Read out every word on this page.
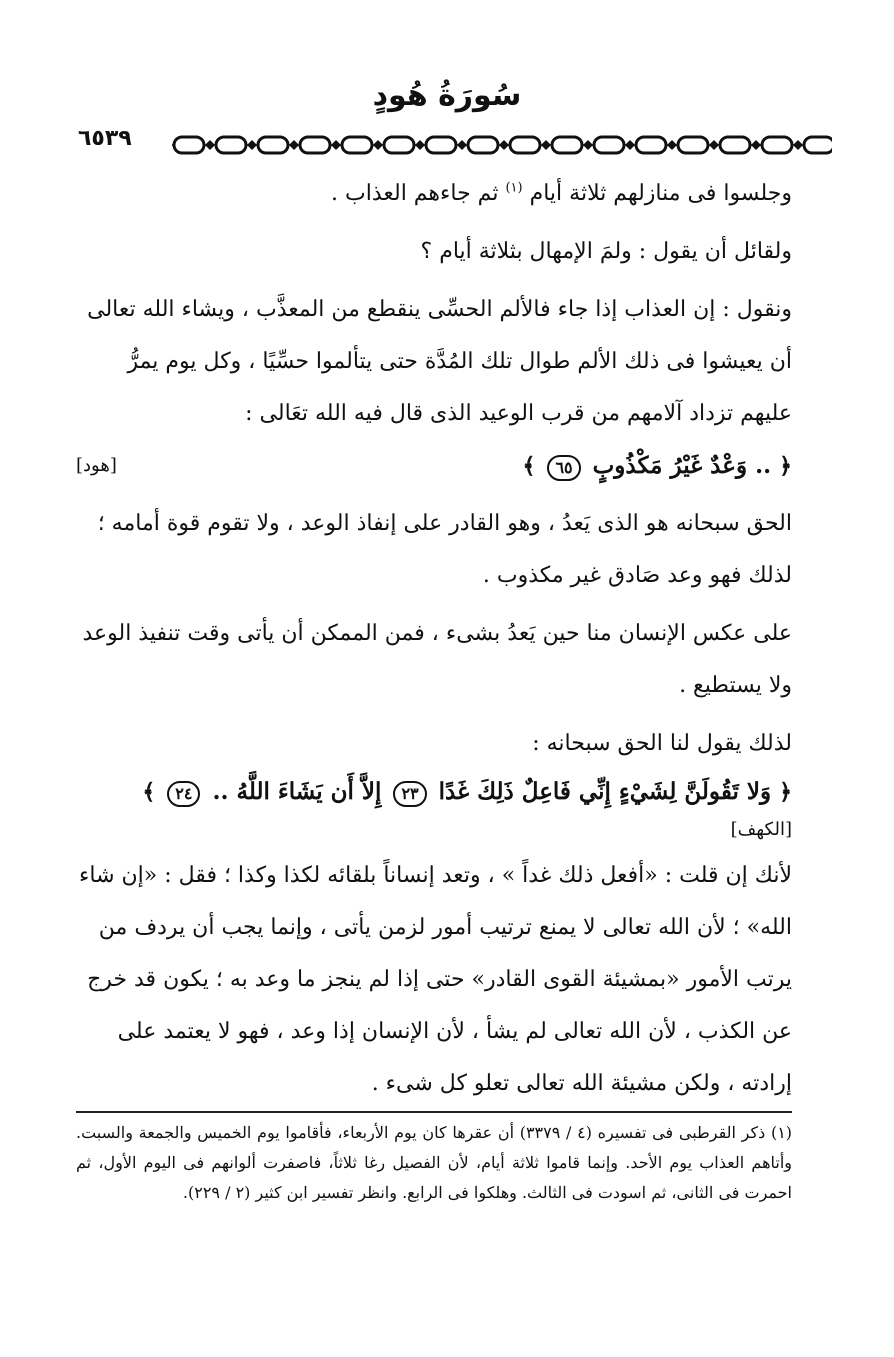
سُورَةُ هُودٍ
٦٥٣٩

وجلسوا فى منازلهم ثلاثة أيام $^{(١)}$ ثم جاءهم العذاب .

ولقائل أن يقول : ولمَ الإمهال بثلاثة أيام ؟

ونقول : إن العذاب إذا جاء فالألم الحسِّى ينقطع من المعذَّب ، ويشاء الله تعالى أن يعيشوا فى ذلك الألم طوال تلك المُدَّة حتى يتألموا حسِّيًا ، وكل يوم يمرُّ عليهم تزداد آلامهم من قرب الوعيد الذى قال فيه الله تعَالى :

﴿ .. وَعْدٌ غَيْرُ مَكْذُوبٍ ٦٥ ﴾
[هود]

الحق سبحانه هو الذى يَعدُ ، وهو القادر على إنفاذ الوعد ، ولا تقوم قوة أمامه ؛ لذلك فهو وعد صَادق غير مكذوب .

على عكس الإنسان منا حين يَعدُ بشىء ، فمن الممكن أن يأتى وقت تنفيذ الوعد ولا يستطيع .

لذلك يقول لنا الحق سبحانه :

﴿ وَلا تَقُولَنَّ لِشَيْءٍ إِنِّي فَاعِلٌ ذَلِكَ غَدًا ٢٣ إِلاَّ أَن يَشَاءَ اللَّهُ .. ٢٤ ﴾
[الكهف]

لأنك إن قلت : «أفعل ذلك غداً » ، وتعد إنساناً بلقائه لكذا وكذا ؛ فقل : «إن شاء الله» ؛ لأن الله تعالى لا يمنع ترتيب أمور لزمن يأتى ، وإنما يجب أن يردف من يرتب الأمور «بمشيئة القوى القادر» حتى إذا لم ينجز ما وعد به ؛ يكون قد خرج عن الكذب ، لأن الله تعالى لم يشأ ، لأن الإنسان إذا وعد ، فهو لا يعتمد على إرادته ، ولكن مشيئة الله تعالى تعلو كل شىء .

(١) ذكر القرطبى فى تفسيره (٤ / ٣٣٧٩) أن عقرها كان يوم الأربعاء، فأقاموا يوم الخميس والجمعة والسبت. وأتاهم العذاب يوم الأحد. وإنما قاموا ثلاثة أيام، لأن الفصيل رغا ثلاثاً، فاصفرت ألوانهم فى اليوم الأول، ثم احمرت فى الثانى، ثم اسودت فى الثالث. وهلكوا فى الرابع. وانظر تفسير ابن كثير (٢ / ٢٢٩).
